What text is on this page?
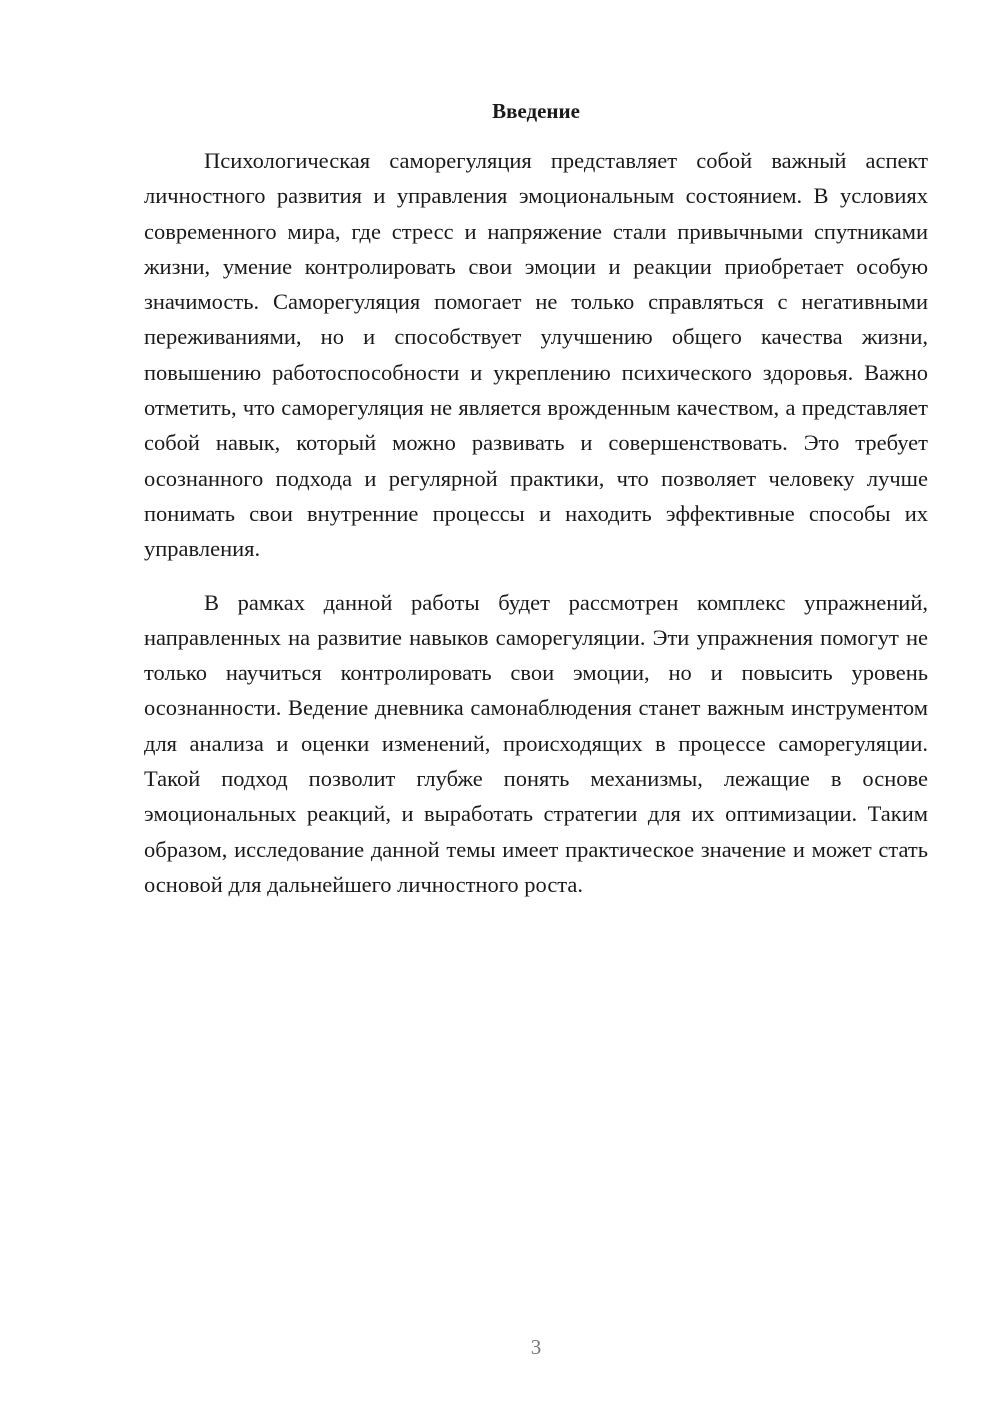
Введение

Психологическая саморегуляция представляет собой важный аспект личностного развития и управления эмоциональным состоянием. В условиях современного мира, где стресс и напряжение стали привычными спутниками жизни, умение контролировать свои эмоции и реакции приобретает особую значимость. Саморегуляция помогает не только справляться с негативными переживаниями, но и способствует улучшению общего качества жизни, повышению работоспособности и укреплению психического здоровья. Важно отметить, что саморегуляция не является врожденным качеством, а представляет собой навык, который можно развивать и совершенствовать. Это требует осознанного подхода и регулярной практики, что позволяет человеку лучше понимать свои внутренние процессы и находить эффективные способы их управления.

В рамках данной работы будет рассмотрен комплекс упражнений, направленных на развитие навыков саморегуляции. Эти упражнения помогут не только научиться контролировать свои эмоции, но и повысить уровень осознанности. Ведение дневника самонаблюдения станет важным инструментом для анализа и оценки изменений, происходящих в процессе саморегуляции. Такой подход позволит глубже понять механизмы, лежащие в основе эмоциональных реакций, и выработать стратегии для их оптимизации. Таким образом, исследование данной темы имеет практическое значение и может стать основой для дальнейшего личностного роста.

3
